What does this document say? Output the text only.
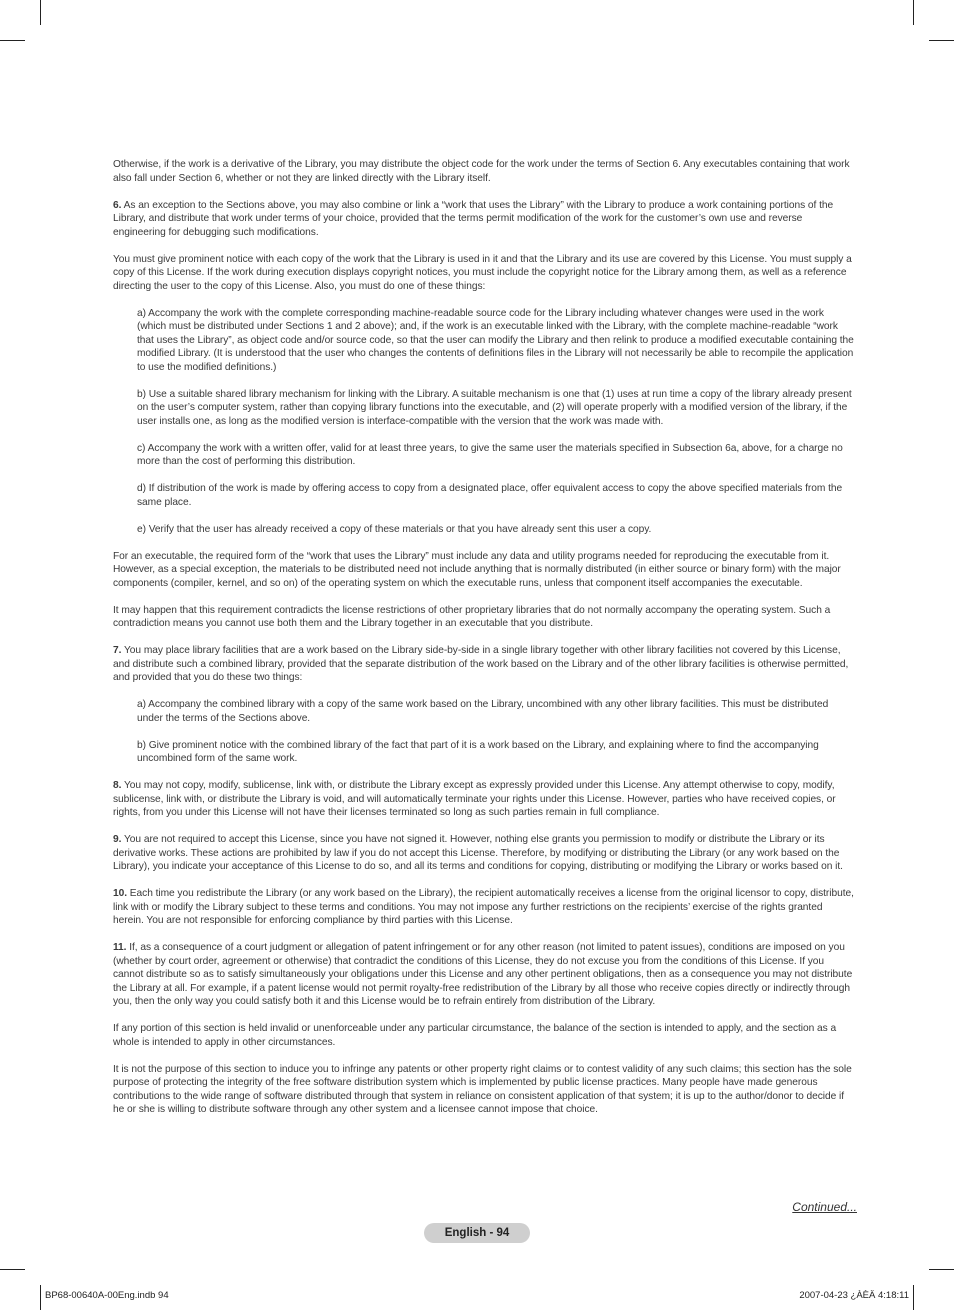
Otherwise, if the work is a derivative of the Library, you may distribute the object code for the work under the terms of Section 6. Any executables containing that work also fall under Section 6, whether or not they are linked directly with the Library itself.

6. As an exception to the Sections above, you may also combine or link a “work that uses the Library” with the Library to produce a work containing portions of the Library, and distribute that work under terms of your choice, provided that the terms permit modification of the work for the customer’s own use and reverse engineering for debugging such modifications.

You must give prominent notice with each copy of the work that the Library is used in it and that the Library and its use are covered by this License. You must supply a copy of this License. If the work during execution displays copyright notices, you must include the copyright notice for the Library among them, as well as a reference directing the user to the copy of this License. Also, you must do one of these things:

a) Accompany the work with the complete corresponding machine-readable source code for the Library including whatever changes were used in the work (which must be distributed under Sections 1 and 2 above); and, if the work is an executable linked with the Library, with the complete machine-readable “work that uses the Library”, as object code and/or source code, so that the user can modify the Library and then relink to produce a modified executable containing the modified Library. (It is understood that the user who changes the contents of definitions files in the Library will not necessarily be able to recompile the application to use the modified definitions.)

b) Use a suitable shared library mechanism for linking with the Library. A suitable mechanism is one that (1) uses at run time a copy of the library already present on the user’s computer system, rather than copying library functions into the executable, and (2) will operate properly with a modified version of the library, if the user installs one, as long as the modified version is interface-compatible with the version that the work was made with.

c) Accompany the work with a written offer, valid for at least three years, to give the same user the materials specified in Subsection 6a, above, for a charge no more than the cost of performing this distribution.

d) If distribution of the work is made by offering access to copy from a designated place, offer equivalent access to copy the above specified materials from the same place.

e) Verify that the user has already received a copy of these materials or that you have already sent this user a copy.

For an executable, the required form of the “work that uses the Library” must include any data and utility programs needed for reproducing the executable from it. However, as a special exception, the materials to be distributed need not include anything that is normally distributed (in either source or binary form) with the major components (compiler, kernel, and so on) of the operating system on which the executable runs, unless that component itself accompanies the executable.

It may happen that this requirement contradicts the license restrictions of other proprietary libraries that do not normally accompany the operating system. Such a contradiction means you cannot use both them and the Library together in an executable that you distribute.

7. You may place library facilities that are a work based on the Library side-by-side in a single library together with other library facilities not covered by this License, and distribute such a combined library, provided that the separate distribution of the work based on the Library and of the other library facilities is otherwise permitted, and provided that you do these two things:

a) Accompany the combined library with a copy of the same work based on the Library, uncombined with any other library facilities. This must be distributed under the terms of the Sections above.

b) Give prominent notice with the combined library of the fact that part of it is a work based on the Library, and explaining where to find the accompanying uncombined form of the same work.

8. You may not copy, modify, sublicense, link with, or distribute the Library except as expressly provided under this License. Any attempt otherwise to copy, modify, sublicense, link with, or distribute the Library is void, and will automatically terminate your rights under this License. However, parties who have received copies, or rights, from you under this License will not have their licenses terminated so long as such parties remain in full compliance.

9. You are not required to accept this License, since you have not signed it. However, nothing else grants you permission to modify or distribute the Library or its derivative works. These actions are prohibited by law if you do not accept this License. Therefore, by modifying or distributing the Library (or any work based on the Library), you indicate your acceptance of this License to do so, and all its terms and conditions for copying, distributing or modifying the Library or works based on it.

10. Each time you redistribute the Library (or any work based on the Library), the recipient automatically receives a license from the original licensor to copy, distribute, link with or modify the Library subject to these terms and conditions. You may not impose any further restrictions on the recipients’ exercise of the rights granted herein. You are not responsible for enforcing compliance by third parties with this License.

11. If, as a consequence of a court judgment or allegation of patent infringement or for any other reason (not limited to patent issues), conditions are imposed on you (whether by court order, agreement or otherwise) that contradict the conditions of this License, they do not excuse you from the conditions of this License. If you cannot distribute so as to satisfy simultaneously your obligations under this License and any other pertinent obligations, then as a consequence you may not distribute the Library at all. For example, if a patent license would not permit royalty-free redistribution of the Library by all those who receive copies directly or indirectly through you, then the only way you could satisfy both it and this License would be to refrain entirely from distribution of the Library.

If any portion of this section is held invalid or unenforceable under any particular circumstance, the balance of the section is intended to apply, and the section as a whole is intended to apply in other circumstances.

It is not the purpose of this section to induce you to infringe any patents or other property right claims or to contest validity of any such claims; this section has the sole purpose of protecting the integrity of the free software distribution system which is implemented by public license practices. Many people have made generous contributions to the wide range of software distributed through that system in reliance on consistent application of that system; it is up to the author/donor to decide if he or she is willing to distribute software through any other system and a licensee cannot impose that choice.

Continued...
English - 94
BP68-00640A-00Eng.indb 94	2007-04-23 ¿ÀÈÄ 4:18:11
